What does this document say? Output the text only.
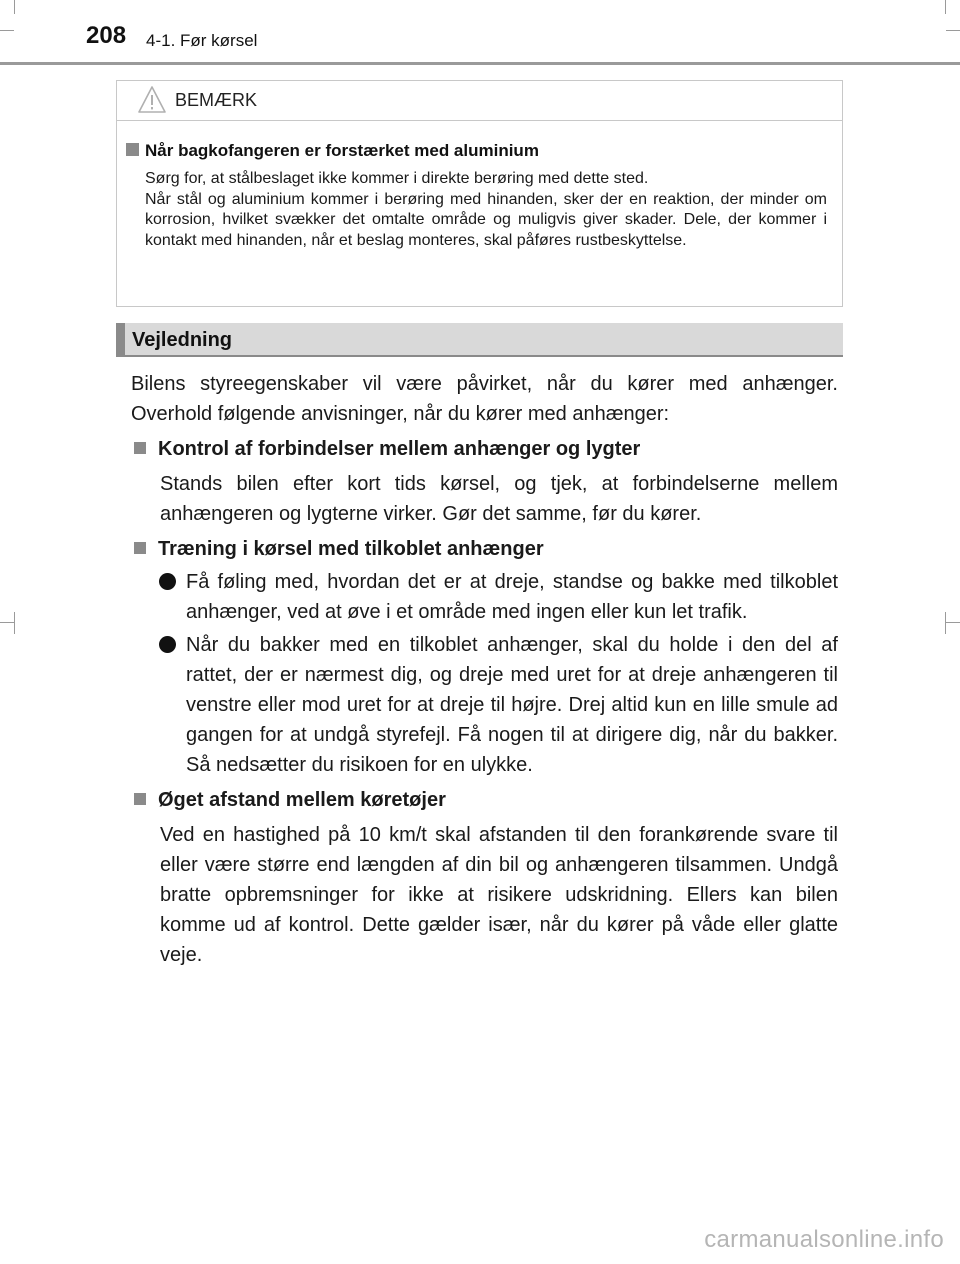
208 4-1. Før kørsel
BEMÆRK
Når bagkofangeren er forstærket med aluminium

Sørg for, at stålbeslaget ikke kommer i direkte berøring med dette sted.

Når stål og aluminium kommer i berøring med hinanden, sker der en reaktion, der minder om korrosion, hvilket svækker det omtalte område og muligvis giver skader. Dele, der kommer i kontakt med hinanden, når et beslag monteres, skal påføres rustbeskyttelse.

Vejledning

Bilens styreegenskaber vil være påvirket, når du kører med anhænger. Overhold følgende anvisninger, når du kører med anhænger:

Kontrol af forbindelser mellem anhænger og lygter

Stands bilen efter kort tids kørsel, og tjek, at forbindelserne mellem anhængeren og lygterne virker. Gør det samme, før du kører.

Træning i kørsel med tilkoblet anhænger

Få føling med, hvordan det er at dreje, standse og bakke med tilkoblet anhænger, ved at øve i et område med ingen eller kun let trafik.

Når du bakker med en tilkoblet anhænger, skal du holde i den del af rattet, der er nærmest dig, og dreje med uret for at dreje anhængeren til venstre eller mod uret for at dreje til højre. Drej altid kun en lille smule ad gangen for at undgå styrefejl. Få nogen til at dirigere dig, når du bakker. Så nedsætter du risikoen for en ulykke.

Øget afstand mellem køretøjer

Ved en hastighed på 10 km/t skal afstanden til den forankørende svare til eller være større end længden af din bil og anhængeren tilsammen. Undgå bratte opbremsninger for ikke at risikere udskridning. Ellers kan bilen komme ud af kontrol. Dette gælder især, når du kører på våde eller glatte veje.

carmanualsonline.info
